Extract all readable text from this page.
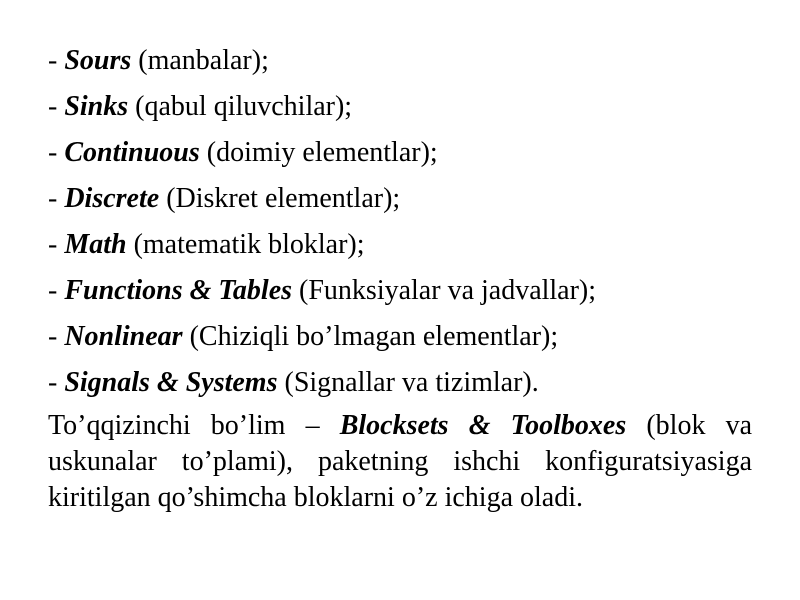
- Sours (manbalar);
- Sinks (qabul qiluvchilar);
- Continuous (doimiy elementlar);
- Discrete (Diskret elementlar);
- Math (matematik bloklar);
- Functions & Tables (Funksiyalar va jadvallar);
- Nonlinear (Chiziqli bo’lmagan elementlar);
- Signals & Systems (Signallar va tizimlar).
To’qqizinchi bo’lim – Blocksets & Toolboxes (blok va uskunalar to’plami), paketning ishchi konfiguratsiyasiga kiritilgan qo’shimcha bloklarni o’z ichiga oladi.
